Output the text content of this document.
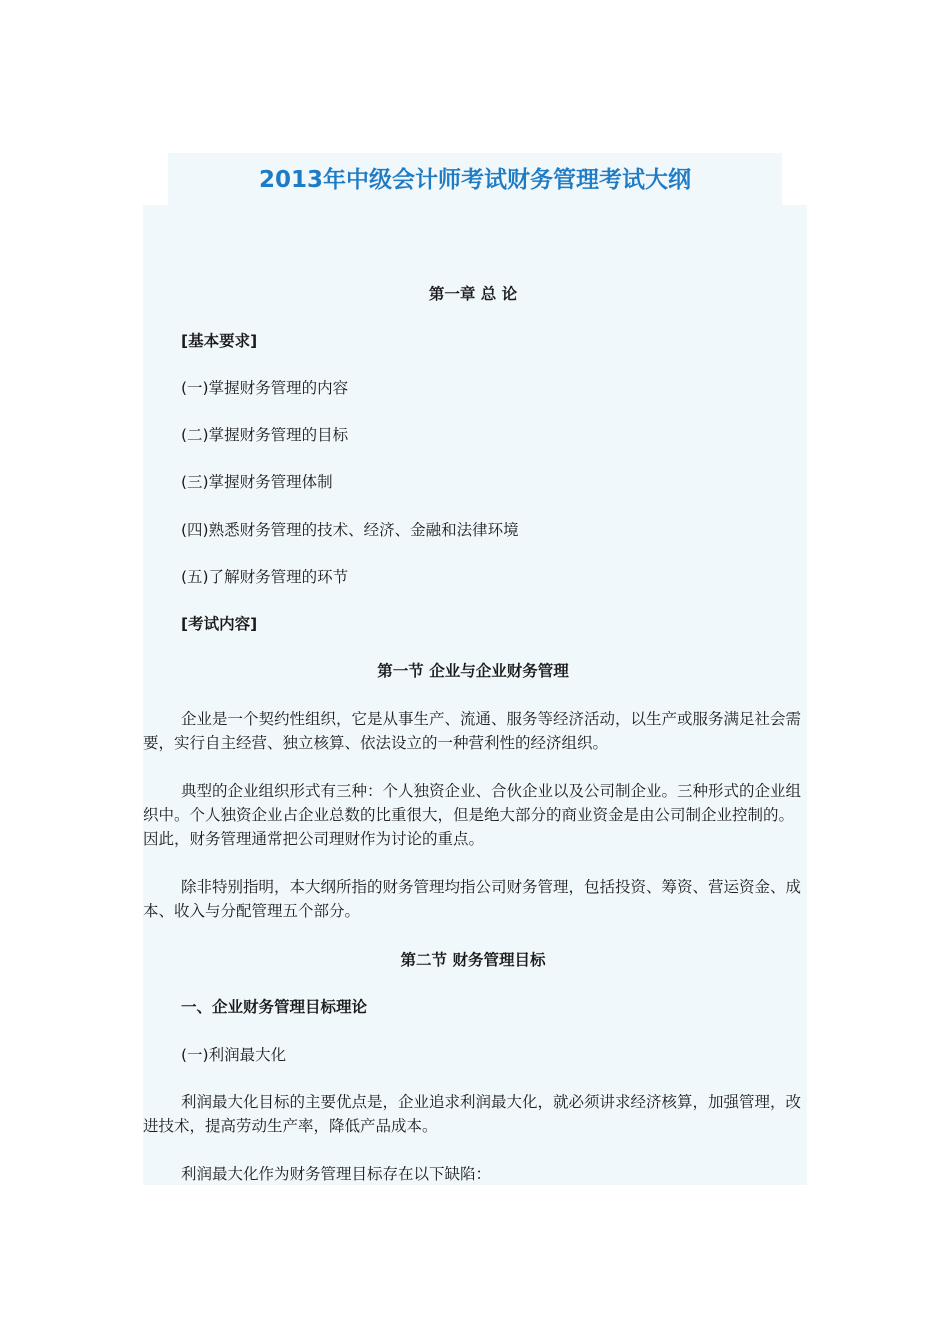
2013年中级会计师考试财务管理考试大纲

第一章 总 论

[基本要求]

(一)掌握财务管理的内容

(二)掌握财务管理的目标

(三)掌握财务管理体制

(四)熟悉财务管理的技术、经济、金融和法律环境

(五)了解财务管理的环节

[考试内容]

第一节 企业与企业财务管理

企业是一个契约性组织，它是从事生产、流通、服务等经济活动，以生产或服务满足社会需要，实行自主经营、独立核算、依法设立的一种营利性的经济组织。

典型的企业组织形式有三种：个人独资企业、合伙企业以及公司制企业。三种形式的企业组织中。个人独资企业占企业总数的比重很大，但是绝大部分的商业资金是由公司制企业控制的。因此，财务管理通常把公司理财作为讨论的重点。

除非特别指明，本大纲所指的财务管理均指公司财务管理，包括投资、筹资、营运资金、成本、收入与分配管理五个部分。

第二节 财务管理目标

一、企业财务管理目标理论

(一)利润最大化

利润最大化目标的主要优点是，企业追求利润最大化，就必须讲求经济核算，加强管理，改进技术，提高劳动生产率，降低产品成本。

利润最大化作为财务管理目标存在以下缺陷：
